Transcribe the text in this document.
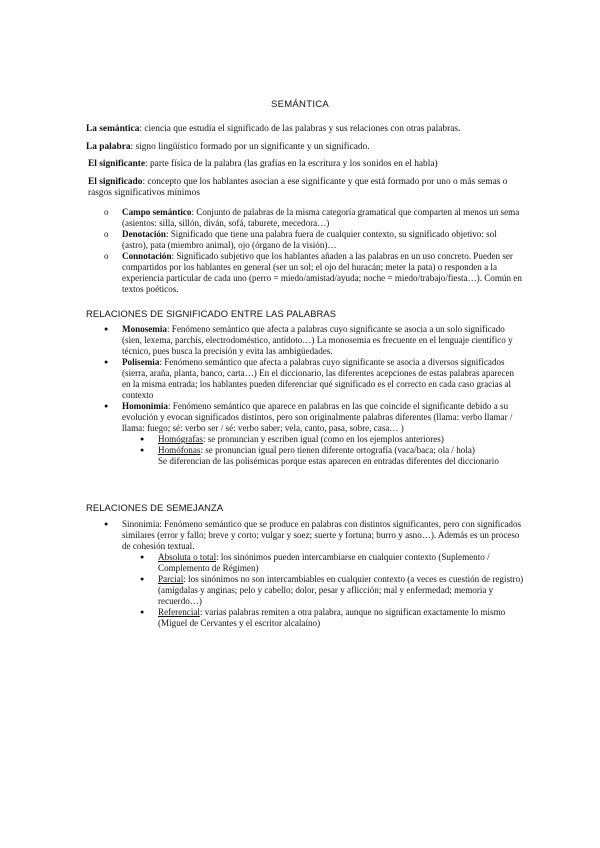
SEMÁNTICA
La semántica: ciencia que estudia el significado de las palabras y sus relaciones con otras palabras.
La palabra: signo lingüístico formado por un significante y un significado.
El significante: parte física de la palabra (las grafías en la escritura y los sonidos en el habla)
El significado: concepto que los hablantes asocian a ese significante y que está formado por uno o más semas o rasgos significativos mínimos
o Campo semántico: Conjunto de palabras de la misma categoría gramatical que comparten al menos un sema (asientos: silla, sillón, diván, sofá, taburete, mecedora…)
o Denotación: Significado que tiene una palabra fuera de cualquier contexto, su significado objetivo: sol (astro), pata (miembro animal), ojo (órgano de la visión)…
o Connotación: Significado subjetivo que los hablantes añaden a las palabras en un uso concreto. Pueden ser compartidos por los hablantes en general (ser un sol; el ojo del huracán; meter la pata) o responden a la experiencia particular de cada uno (perro = miedo/amistad/ayuda; noche = miedo/trabajo/fiesta…). Común en textos poéticos.
RELACIONES DE SIGNIFICADO ENTRE LAS PALABRAS
● Monosemia: Fenómeno semántico que afecta a palabras cuyo significante se asocia a un solo significado (sien, lexema, parchís, electrodoméstico, antídoto…) La monosemia es frecuente en el lenguaje científico y técnico, pues busca la precisión y evita las ambigüedades.
● Polisemia: Fenómeno semántico que afecta a palabras cuyo significante se asocia a diversos significados (sierra, araña, planta, banco, carta…) En el diccionario, las diferentes acepciones de estas palabras aparecen en la misma entrada; los hablantes pueden diferenciar qué significado es el correcto en cada caso gracias al contexto
● Homonimia: Fenómeno semántico que aparece en palabras en las que coincide el significante debido a su evolución y evocan significados distintos, pero son originalmente palabras diferentes (llama: verbo llamar / llama: fuego; sé: verbo ser / sé: verbo saber; vela, canto, pasa, sobre, casa… )
● Homógrafas: se pronuncian y escriben igual (como en los ejemplos anteriores)
● Homófonas: se pronuncian igual pero tienen diferente ortografía (vaca/baca; ola / hola)
Se diferencian de las polisémicas porque estas aparecen en entradas diferentes del diccionario
RELACIONES DE SEMEJANZA
● Sinonimia: Fenómeno semántico que se produce en palabras con distintos significantes, pero con significados similares (error y fallo; breve y corto; vulgar y soez; suerte y fortuna; burro y asno…). Además es un proceso de cohesión textual.
● Absoluta o total: los sinónimos pueden intercambiarse en cualquier contexto (Suplemento / Complemento de Régimen)
● Parcial: los sinónimos no son intercambiables en cualquier contexto (a veces es cuestión de registro) (amígdalas y anginas; pelo y cabello; dolor, pesar y aflicción; mal y enfermedad; memoria y recuerdo…)
● Referencial: varias palabras remiten a otra palabra, aunque no significan exactamente lo mismo (Miguel de Cervantes y el escritor alcalaíno)
